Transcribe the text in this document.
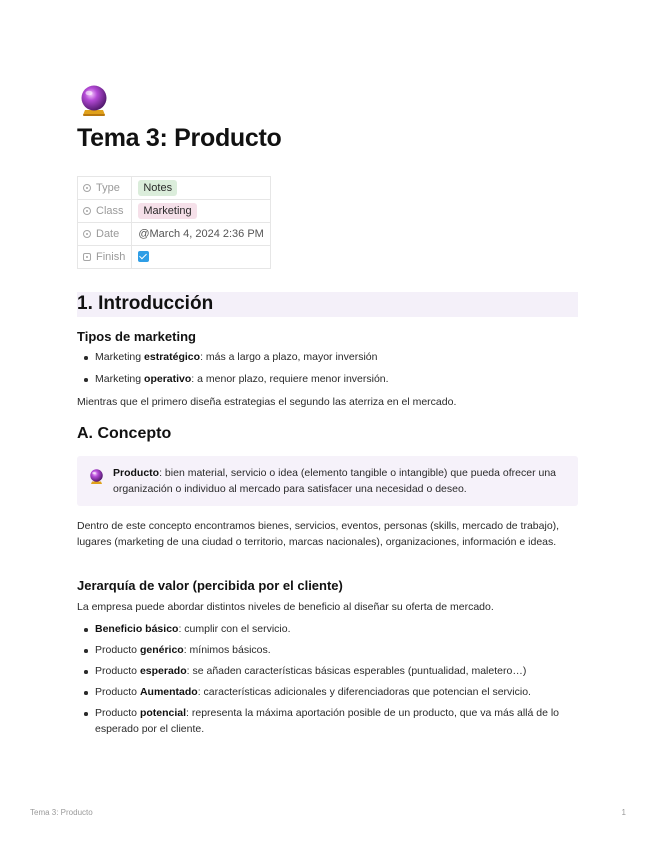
Tema 3: Producto
Type	Notes
Class	Marketing
Date	@March 4, 2024 2:36 PM
Finish	
1. Introducción
Tipos de marketing
Marketing estratégico: más a largo a plazo, mayor inversión
Marketing operativo: a menor plazo, requiere menor inversión.

Mientras que el primero diseña estrategias el segundo las aterriza en el mercado.

A. Concepto

Producto: bien material, servicio o idea (elemento tangible o intangible) que pueda ofrecer una organización o individuo al mercado para satisfacer una necesidad o deseo.

Dentro de este concepto encontramos bienes, servicios, eventos, personas (skills, mercado de trabajo), lugares (marketing de una ciudad o territorio, marcas nacionales), organizaciones, información e ideas.

Jerarquía de valor (percibida por el cliente)

La empresa puede abordar distintos niveles de beneficio al diseñar su oferta de mercado.

Beneficio básico: cumplir con el servicio.
Producto genérico: mínimos básicos.
Producto esperado: se añaden características básicas esperables (puntualidad, maletero…)
Producto Aumentado: características adicionales y diferenciadoras que potencian el servicio.
Producto potencial: representa la máxima aportación posible de un producto, que va más allá de lo esperado por el cliente.
Tema 3: Producto	1
